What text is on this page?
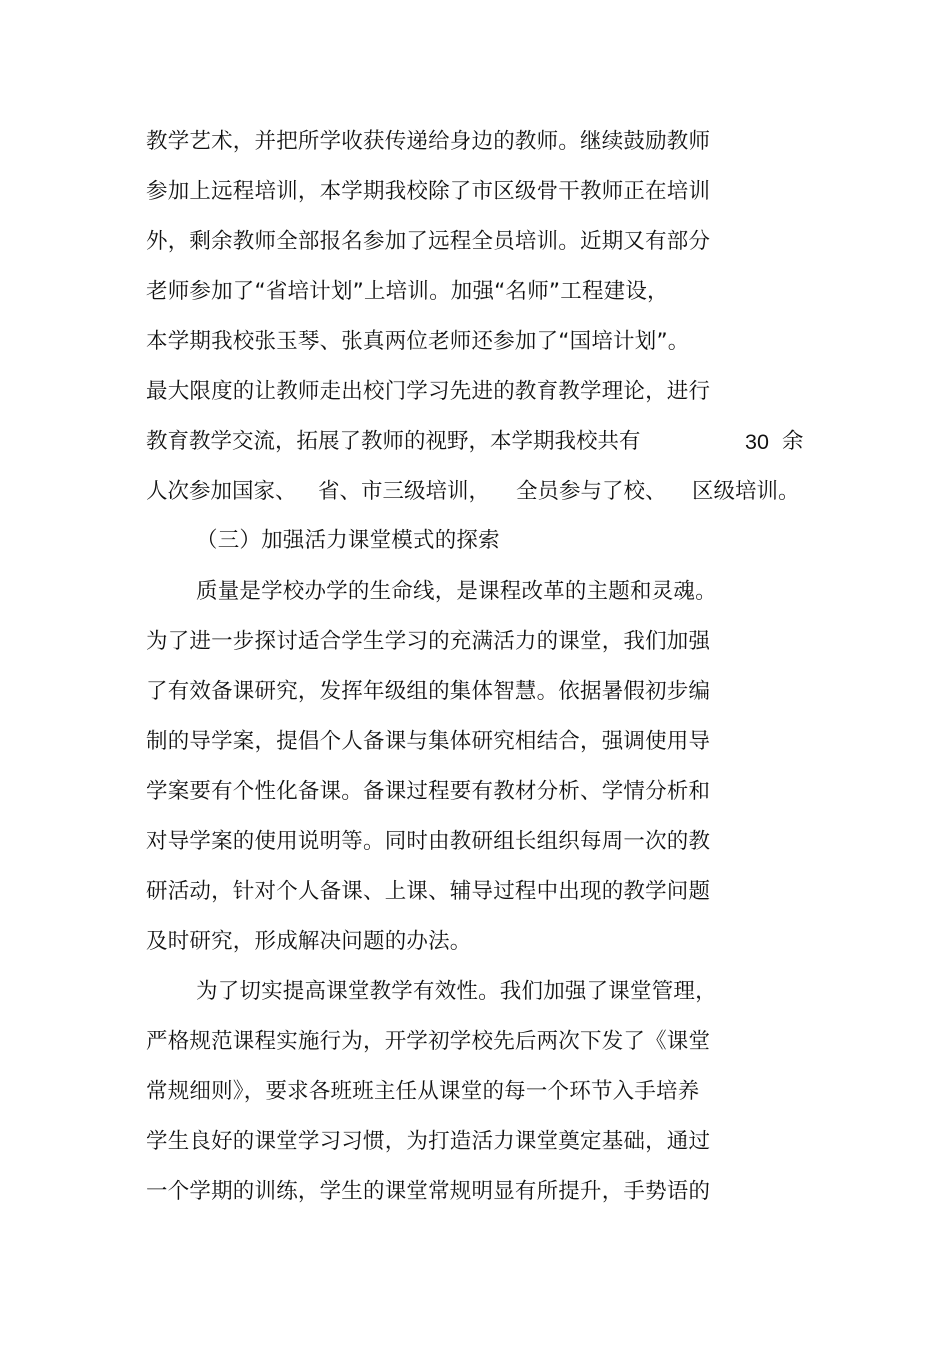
教学艺术，并把所学收获传递给身边的教师。继续鼓励教师
参加上远程培训，本学期我校除了市区级骨干教师正在培训
外，剩余教师全部报名参加了远程全员培训。近期又有部分
老师参加了“省培计划”上培训。加强“名师”工程建设，
本学期我校张玉琴、张真两位老师还参加了“国培计划”。
最大限度的让教师走出校门学习先进的教育教学理论，进行
教育教学交流，拓展了教师的视野，本学期我校共有	30 余
人次参加国家、 省、市三级培训， 全员参与了校、 区级培训。
（三）加强活力课堂模式的探索
质量是学校办学的生命线，是课程改革的主题和灵魂。
为了进一步探讨适合学生学习的充满活力的课堂，我们加强
了有效备课研究，发挥年级组的集体智慧。依据暑假初步编
制的导学案，提倡个人备课与集体研究相结合，强调使用导
学案要有个性化备课。备课过程要有教材分析、学情分析和
对导学案的使用说明等。同时由教研组长组织每周一次的教
研活动，针对个人备课、上课、辅导过程中出现的教学问题
及时研究，形成解决问题的办法。
为了切实提高课堂教学有效性。我们加强了课堂管理，
严格规范课程实施行为，开学初学校先后两次下发了《课堂
常规细则》，要求各班班主任从课堂的每一个环节入手培养
学生良好的课堂学习习惯，为打造活力课堂奠定基础，通过
一个学期的训练，学生的课堂常规明显有所提升，手势语的
